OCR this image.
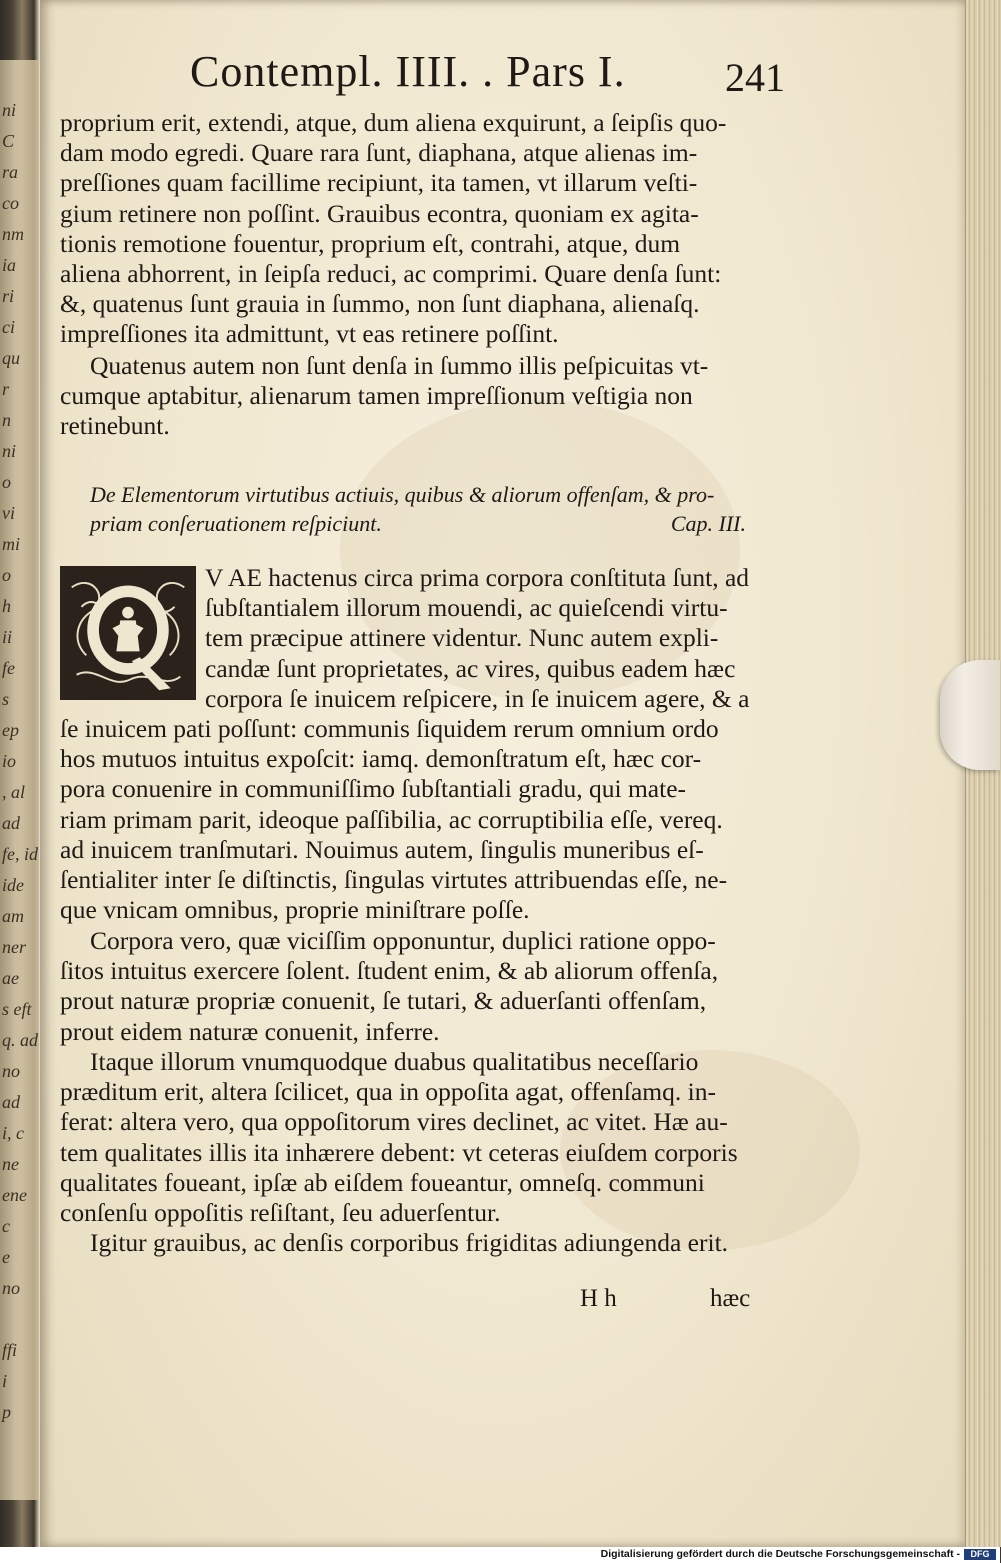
ni
C
ra
co
nm
ia
ri
ci
qu
r
n
ni
o
vi
mi
o
h
ii
fe
s
ep
io
, al
ad
fe, id
ide
am
ner
ae
s eft
q. ad
no
ad
i, c
ne
ene
c
e
no
ffi
i
p
Contempl. IIII. . Pars I. 241
proprium erit, extendi, atque, dum aliena exquirunt, a ſeipſis quo-
dam modo egredi. Quare rara ſunt, diaphana, atque alienas im-
preſſiones quam facillime recipiunt, ita tamen, vt illarum veſti-
gium retinere non poſſint. Grauibus econtra, quoniam ex agita-
tionis remotione fouentur, proprium eſt, contrahi, atque, dum
aliena abhorrent, in ſeipſa reduci, ac comprimi. Quare denſa ſunt:
&, quatenus ſunt grauia in ſummo, non ſunt diaphana, alienaſq.
impreſſiones ita admittunt, vt eas retinere poſſint.
Quatenus autem non ſunt denſa in ſummo illis peſpicuitas vt-
cumque aptabitur, alienarum tamen impreſſionum veſtigia non
retinebunt.
De Elementorum virtutibus actiuis, quibus & aliorum offenſam, & pro-
priam conſeruationem reſpiciunt.	Cap. III.
V AE hactenus circa prima corpora conſtituta ſunt, ad
ſubſtantialem illorum mouendi, ac quieſcendi virtu-
tem præcipue attinere videntur. Nunc autem expli-
candæ ſunt proprietates, ac vires, quibus eadem hæc
corpora ſe inuicem reſpicere, in ſe inuicem agere, & a
ſe inuicem pati poſſunt: communis ſiquidem rerum omnium ordo
hos mutuos intuitus expoſcit: iamq. demonſtratum eſt, hæc cor-
pora conuenire in communiſſimo ſubſtantiali gradu, qui mate-
riam primam parit, ideoque paſſibilia, ac corruptibilia eſſe, vereq.
ad inuicem tranſmutari. Nouimus autem, ſingulis muneribus eſ-
ſentialiter inter ſe diſtinctis, ſingulas virtutes attribuendas eſſe, ne-
que vnicam omnibus, proprie miniſtrare poſſe.
Corpora vero, quæ viciſſim opponuntur, duplici ratione oppo-
ſitos intuitus exercere ſolent. ſtudent enim, & ab aliorum offenſa,
prout naturæ propriæ conuenit, ſe tutari, & aduerſanti offenſam,
prout eidem naturæ conuenit, inferre.
Itaque illorum vnumquodque duabus qualitatibus neceſſario
præditum erit, altera ſcilicet, qua in oppoſita agat, offenſamq. in-
ferat: altera vero, qua oppoſitorum vires declinet, ac vitet. Hæ au-
tem qualitates illis ita inhærere debent: vt ceteras eiuſdem corporis
qualitates foueant, ipſæ ab eiſdem foueantur, omneſq. communi
conſenſu oppoſitis reſiſtant, ſeu aduerſentur.
Igitur grauibus, ac denſis corporibus frigiditas adiungenda erit.
H h	hæc
Digitalisierung gefördert durch die Deutsche Forschungsgemeinschaft -	DFG
